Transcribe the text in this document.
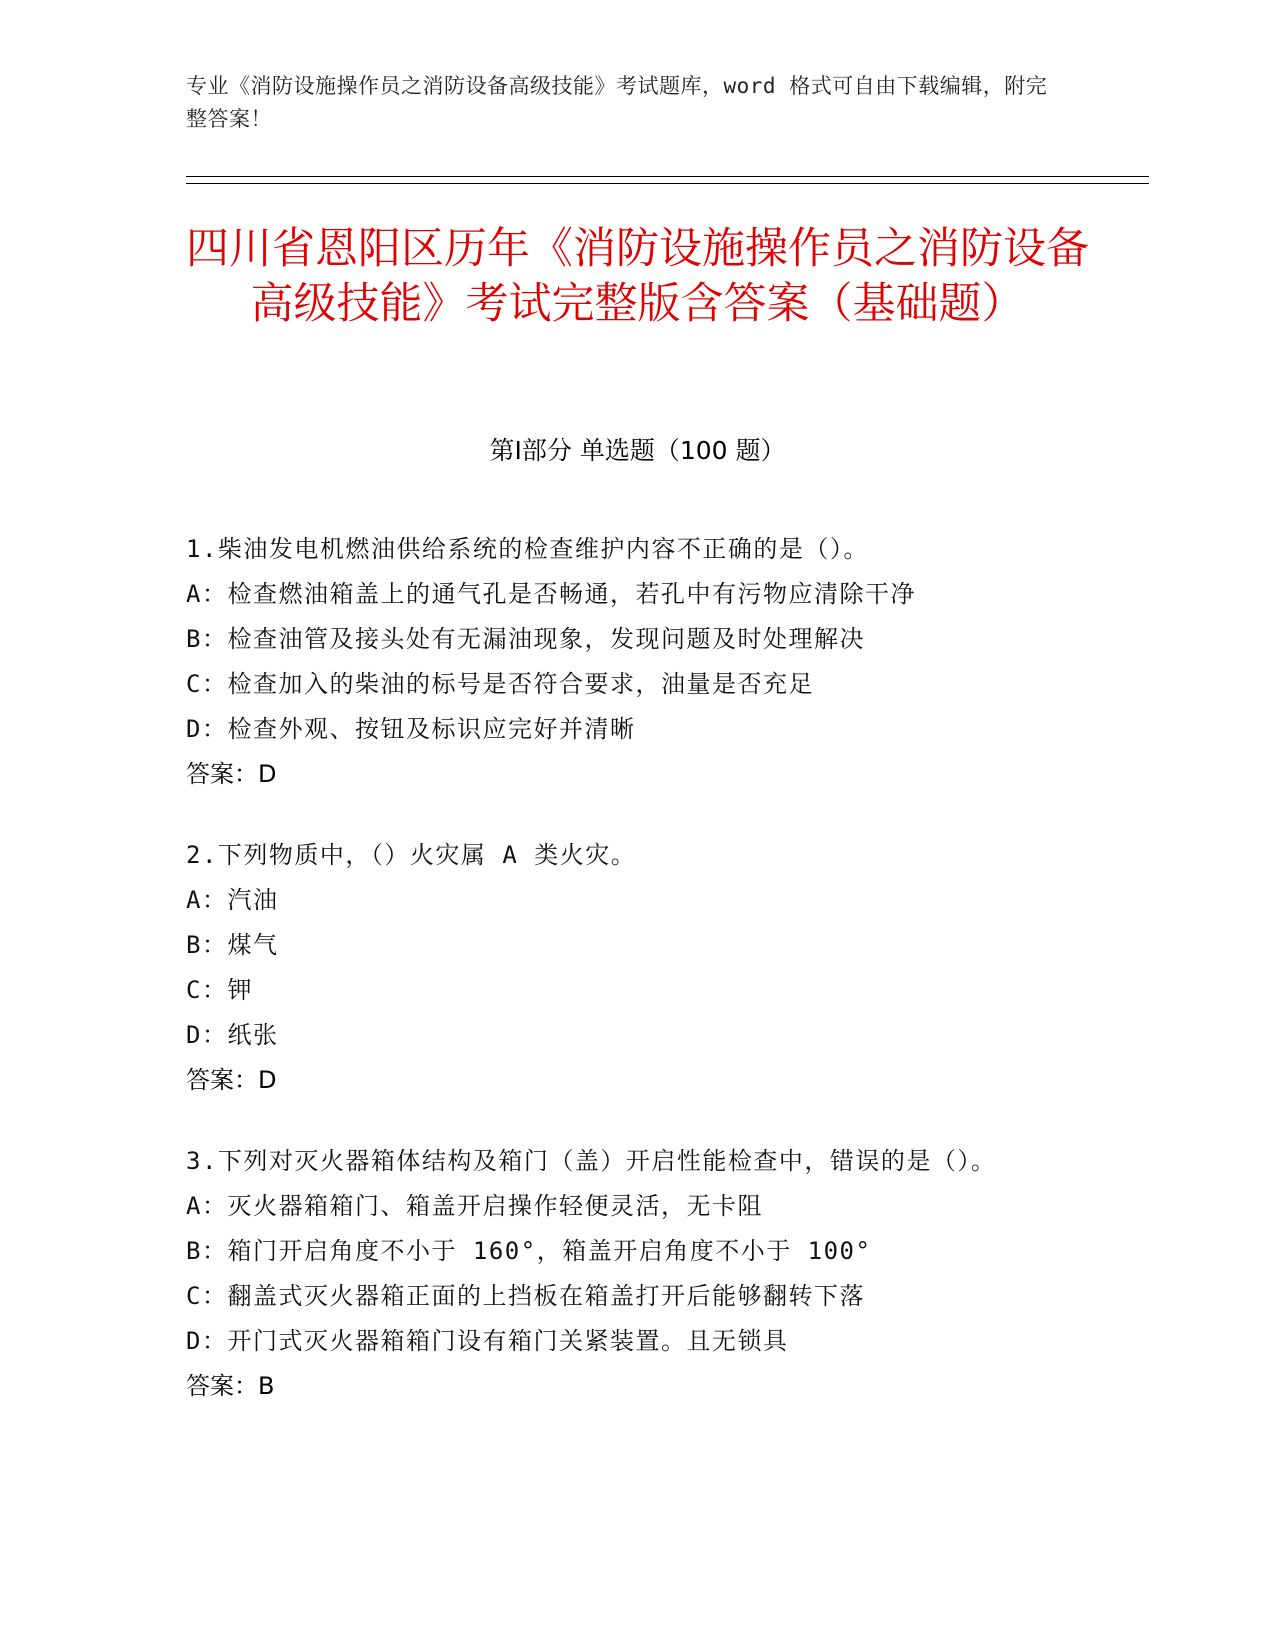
专业《消防设施操作员之消防设备高级技能》考试题库，word 格式可自由下载编辑，附完整答案！
四川省恩阳区历年《消防设施操作员之消防设备高级技能》考试完整版含答案（基础题）
第Ⅰ部分 单选题（100 题）
1.柴油发电机燃油供给系统的检查维护内容不正确的是（）。
A：检查燃油箱盖上的通气孔是否畅通，若孔中有污物应清除干净
B：检查油管及接头处有无漏油现象，发现问题及时处理解决
C：检查加入的柴油的标号是否符合要求，油量是否充足
D：检查外观、按钮及标识应完好并清晰
答案：D
2.下列物质中，（）火灾属 A 类火灾。
A：汽油
B：煤气
C：钾
D：纸张
答案：D
3.下列对灭火器箱体结构及箱门（盖）开启性能检查中，错误的是（）。
A：灭火器箱箱门、箱盖开启操作轻便灵活，无卡阻
B：箱门开启角度不小于 160°，箱盖开启角度不小于 100°
C：翻盖式灭火器箱正面的上挡板在箱盖打开后能够翻转下落
D：开门式灭火器箱箱门设有箱门关紧装置。且无锁具
答案：B
